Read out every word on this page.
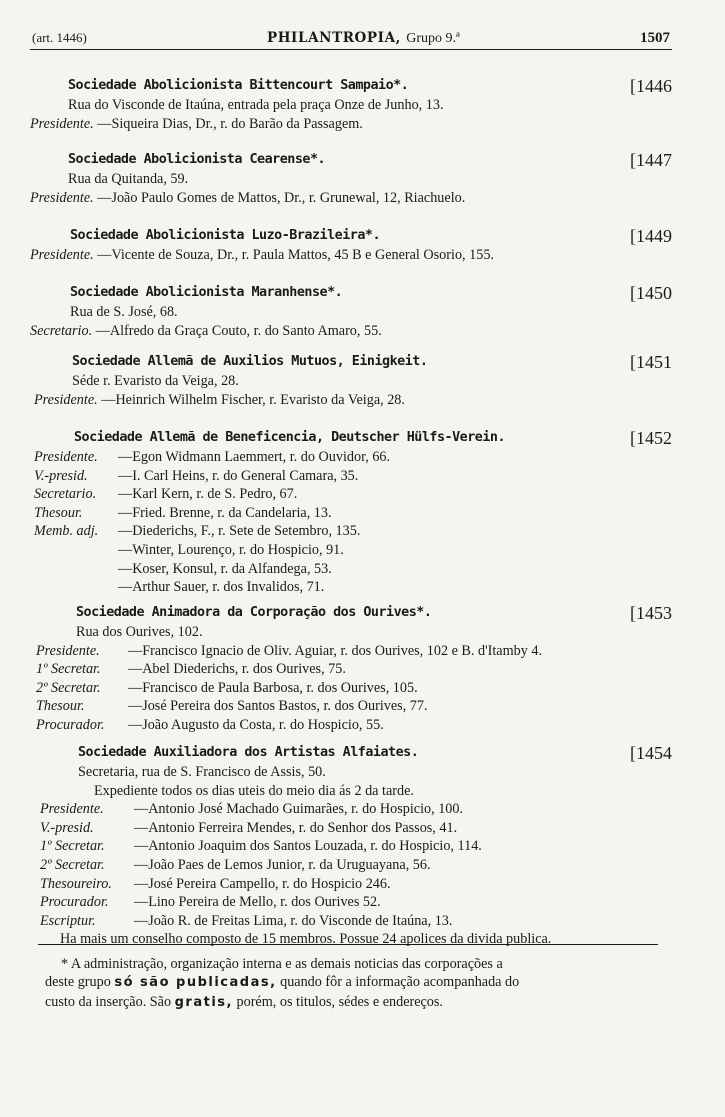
(art. 1446)	PHILANTROPIA, Grupo 9.ª	1507
Sociedade Abolicionista Bittencourt Sampaio*.	[1446
Rua do Visconde de Itaúna, entrada pela praça Onze de Junho, 13.
Presidente. —Siqueira Dias, Dr., r. do Barão da Passagem.
Sociedade Abolicionista Cearense*.	[1447
Rua da Quitanda, 59.
Presidente. —João Paulo Gomes de Mattos, Dr., r. Grunewal, 12, Riachuelo.
Sociedade Abolicionista Luzo-Brazileira*.	[1449
Presidente. —Vicente de Souza, Dr., r. Paula Mattos, 45 B e General Osorio, 155.
Sociedade Abolicionista Maranhense*.	[1450
Rua de S. José, 68.
Secretario. —Alfredo da Graça Couto, r. do Santo Amaro, 55.
Sociedade Allemã de Auxilios Mutuos, Einigkeit.	[1451
Séde r. Evaristo da Veiga, 28.
Presidente. —Heinrich Wilhelm Fischer, r. Evaristo da Veiga, 28.
Sociedade Allemã de Beneficencia, Deutscher Hülfs-Verein.	[1452
Presidente. —Egon Widmann Laemmert, r. do Ouvidor, 66.
V.-presid. —I. Carl Heins, r. do General Camara, 35.
Secretario. —Karl Kern, r. de S. Pedro, 67.
Thesour.	—Fried. Brenne, r. da Candelaria, 13.
Memb. adj. —Diederichs, F., r. Sete de Setembro, 135.
—Winter, Lourenço, r. do Hospicio, 91.
—Koser, Konsul, r. da Alfandega, 53.
—Arthur Sauer, r. dos Invalidos, 71.
Sociedade Animadora da Corporação dos Ourives*.	[1453
Rua dos Ourives, 102.
Presidente. —Francisco Ignacio de Oliv. Aguiar, r. dos Ourives, 102 e B. d'Itamby 4.
1º Secretar. —Abel Diederichs, r. dos Ourives, 75.
2º Secretar. —Francisco de Paula Barbosa, r. dos Ourives, 105.
Thesour.	—José Pereira dos Santos Bastos, r. dos Ourives, 77.
Procurador. —João Augusto da Costa, r. do Hospicio, 55.
Sociedade Auxiliadora dos Artistas Alfaiates.	[1454
Secretaria, rua de S. Francisco de Assis, 50.
Expediente todos os dias uteis do meio dia ás 2 da tarde.
Presidente. —Antonio José Machado Guimarães, r. do Hospicio, 100.
V.-presid.	—Antonio Ferreira Mendes, r. do Senhor dos Passos, 41.
1º Secretar. —Antonio Joaquim dos Santos Louzada, r. do Hospicio, 114.
2º Secretar. —João Paes de Lemos Junior, r. da Uruguayana, 56.
Thesoureiro. —José Pereira Campello, r. do Hospicio 246.
Procurador. —Lino Pereira de Mello, r. dos Ourives 52.
Escriptur.	—João R. de Freitas Lima, r. do Visconde de Itaúna, 13.
Ha mais um conselho composto de 15 membros. Possue 24 apolices da divida publica.
* A administração, organização interna e as demais noticias das corporações a
deste grupo só são publicadas, quando fôr a informação acompanhada do
custo da inserção. São gratis, porém, os titulos, sédes e endereços.
